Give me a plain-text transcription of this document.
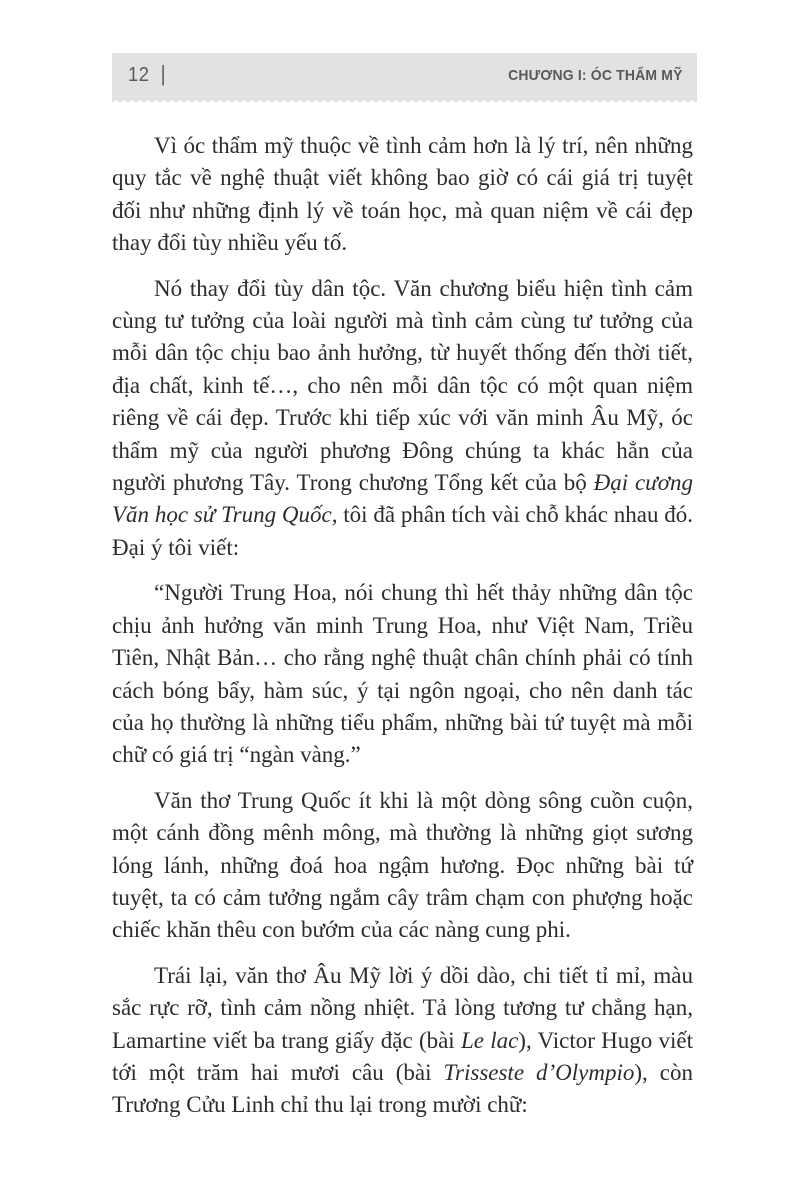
12 |	CHƯƠNG I: ÓC THẨM MỸ

Vì óc thẩm mỹ thuộc về tình cảm hơn là lý trí, nên những quy tắc về nghệ thuật viết không bao giờ có cái giá trị tuyệt đối như những định lý về toán học, mà quan niệm về cái đẹp thay đổi tùy nhiều yếu tố.

Nó thay đổi tùy dân tộc. Văn chương biểu hiện tình cảm cùng tư tưởng của loài người mà tình cảm cùng tư tưởng của mỗi dân tộc chịu bao ảnh hưởng, từ huyết thống đến thời tiết, địa chất, kinh tế…, cho nên mỗi dân tộc có một quan niệm riêng về cái đẹp. Trước khi tiếp xúc với văn minh Âu Mỹ, óc thẩm mỹ của người phương Đông chúng ta khác hẳn của người phương Tây. Trong chương Tổng kết của bộ Đại cương Văn học sử Trung Quốc, tôi đã phân tích vài chỗ khác nhau đó. Đại ý tôi viết:

“Người Trung Hoa, nói chung thì hết thảy những dân tộc chịu ảnh hưởng văn minh Trung Hoa, như Việt Nam, Triều Tiên, Nhật Bản… cho rằng nghệ thuật chân chính phải có tính cách bóng bẩy, hàm súc, ý tại ngôn ngoại, cho nên danh tác của họ thường là những tiểu phẩm, những bài tứ tuyệt mà mỗi chữ có giá trị “ngàn vàng.”

Văn thơ Trung Quốc ít khi là một dòng sông cuồn cuộn, một cánh đồng mênh mông, mà thường là những giọt sương lóng lánh, những đoá hoa ngậm hương. Đọc những bài tứ tuyệt, ta có cảm tưởng ngắm cây trâm chạm con phượng hoặc chiếc khăn thêu con bướm của các nàng cung phi.

Trái lại, văn thơ Âu Mỹ lời ý dồi dào, chi tiết tỉ mỉ, màu sắc rực rỡ, tình cảm nồng nhiệt. Tả lòng tương tư chẳng hạn, Lamartine viết ba trang giấy đặc (bài Le lac), Victor Hugo viết tới một trăm hai mươi câu (bài Trisseste d’Olympio), còn Trương Cửu Linh chỉ thu lại trong mười chữ:
